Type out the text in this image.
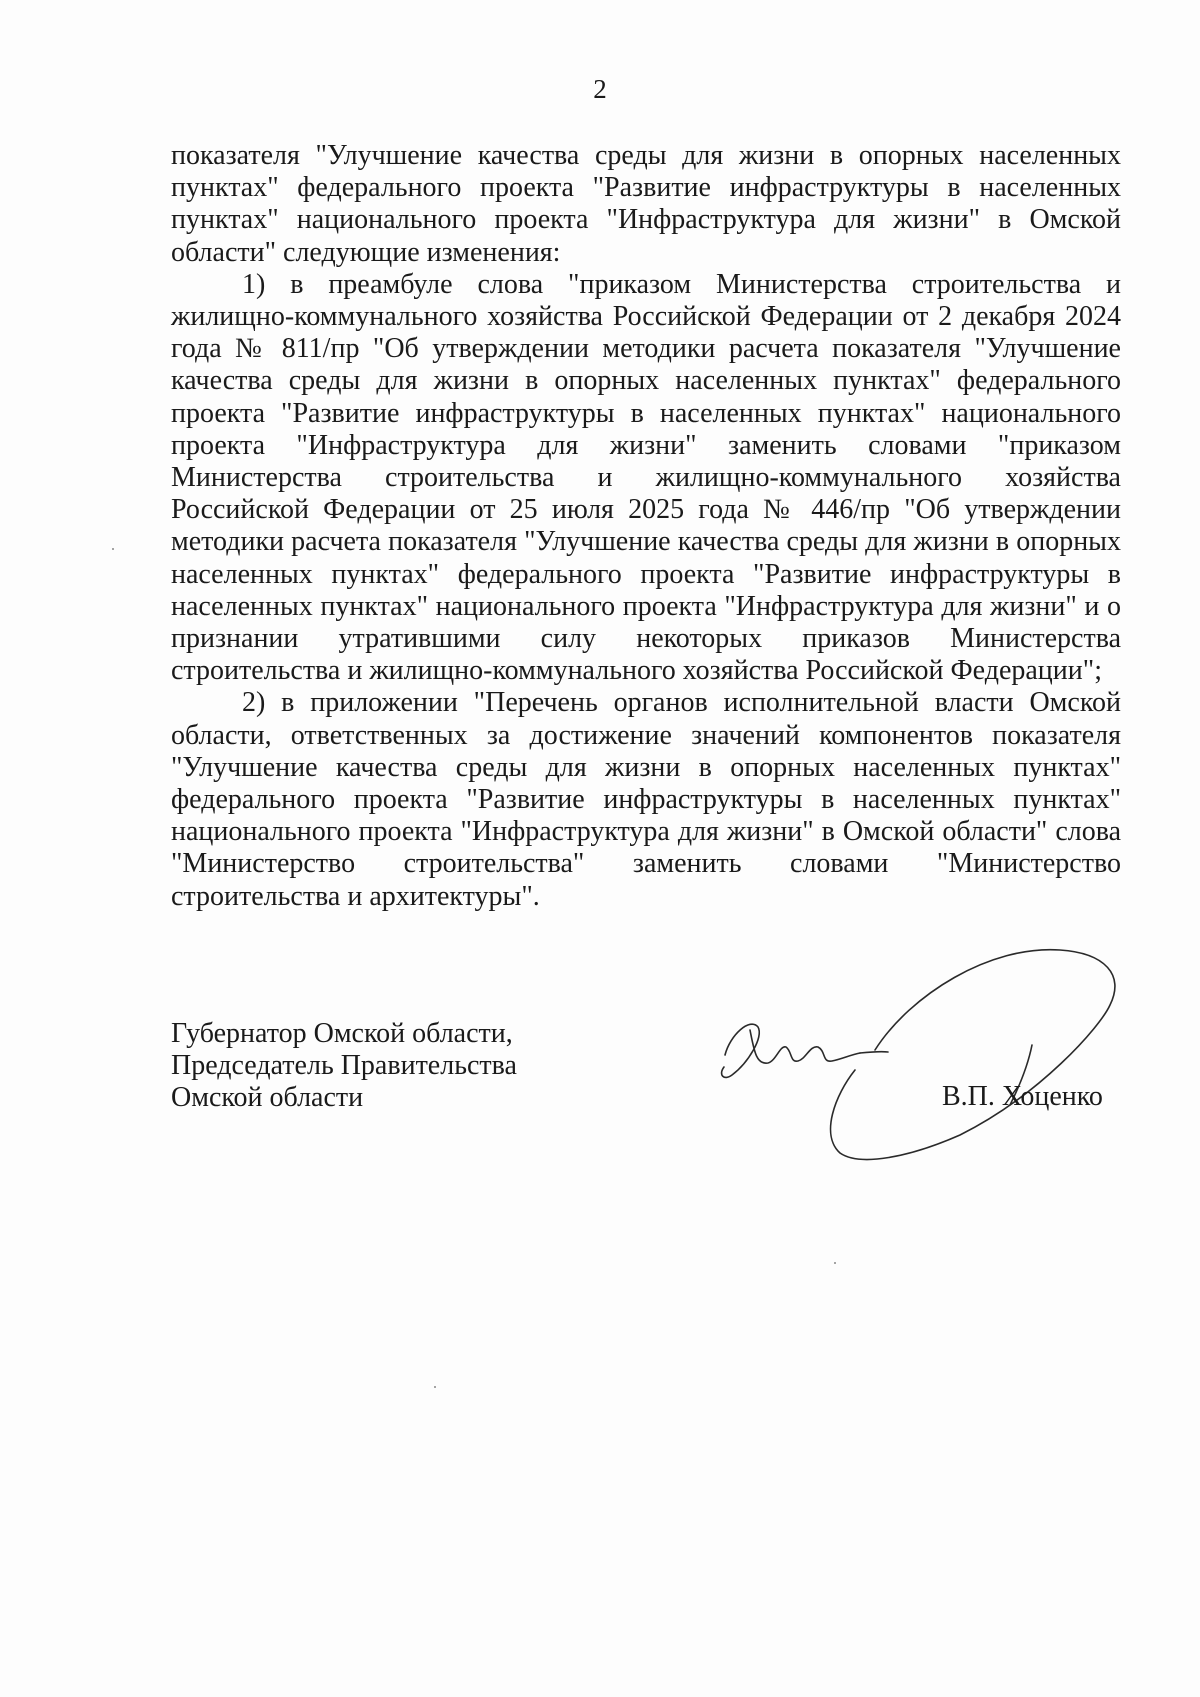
2

показателя "Улучшение качества среды для жизни в опорных населенных пунктах" федерального проекта "Развитие инфраструктуры в населенных пунктах" национального проекта "Инфраструктура для жизни" в Омской области" следующие изменения:

1) в преамбуле слова "приказом Министерства строительства и жилищно-коммунального хозяйства Российской Федерации от 2 декабря 2024 года № 811/пр "Об утверждении методики расчета показателя "Улучшение качества среды для жизни в опорных населенных пунктах" федерального проекта "Развитие инфраструктуры в населенных пунктах" национального проекта "Инфраструктура для жизни" заменить словами "приказом Министерства строительства и жилищно-коммунального хозяйства Российской Федерации от 25 июля 2025 года № 446/пр "Об утверждении методики расчета показателя "Улучшение качества среды для жизни в опорных населенных пунктах" федерального проекта "Развитие инфраструктуры в населенных пунктах" национального проекта "Инфраструктура для жизни" и о признании утратившими силу некоторых приказов Министерства строительства и жилищно-коммунального хозяйства Российской Федерации";

2) в приложении "Перечень органов исполнительной власти Омской области, ответственных за достижение значений компонентов показателя "Улучшение качества среды для жизни в опорных населенных пунктах" федерального проекта "Развитие инфраструктуры в населенных пунктах" национального проекта "Инфраструктура для жизни" в Омской области" слова "Министерство строительства" заменить словами "Министерство строительства и архитектуры".

Губернатор Омской области,
Председатель Правительства
Омской области	В.П. Хоценко
